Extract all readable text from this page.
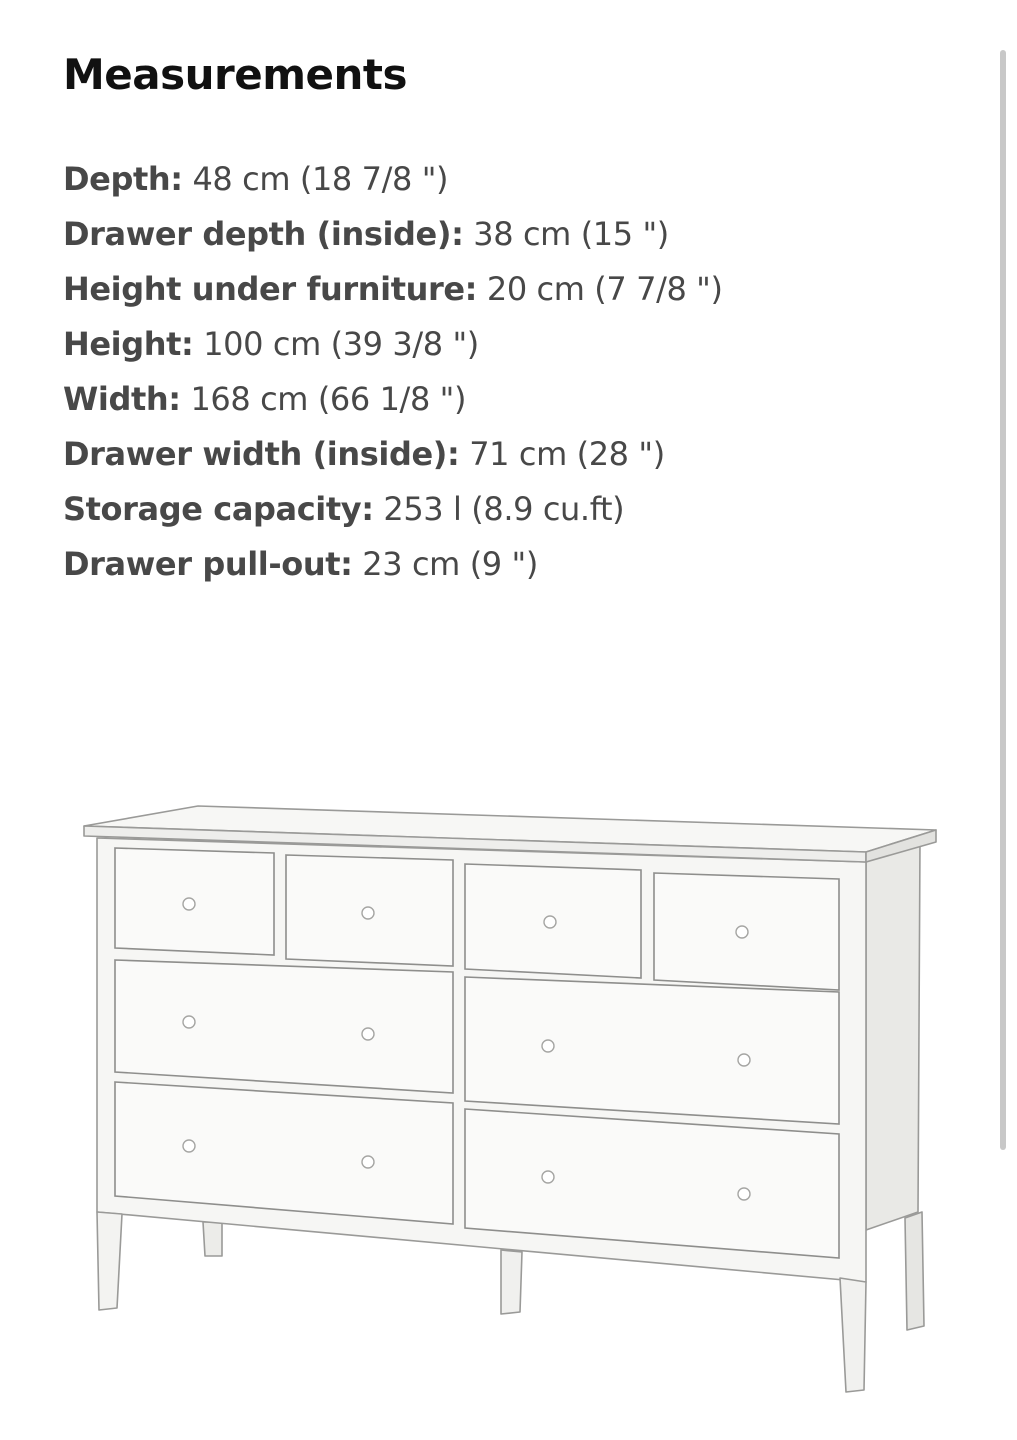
Measurements
Depth: 48 cm (18 7/8 ")
Drawer depth (inside): 38 cm (15 ")
Height under furniture: 20 cm (7 7/8 ")
Height: 100 cm (39 3/8 ")
Width: 168 cm (66 1/8 ")
Drawer width (inside): 71 cm (28 ")
Storage capacity: 253 l (8.9 cu.ft)
Drawer pull-out: 23 cm (9 ")
